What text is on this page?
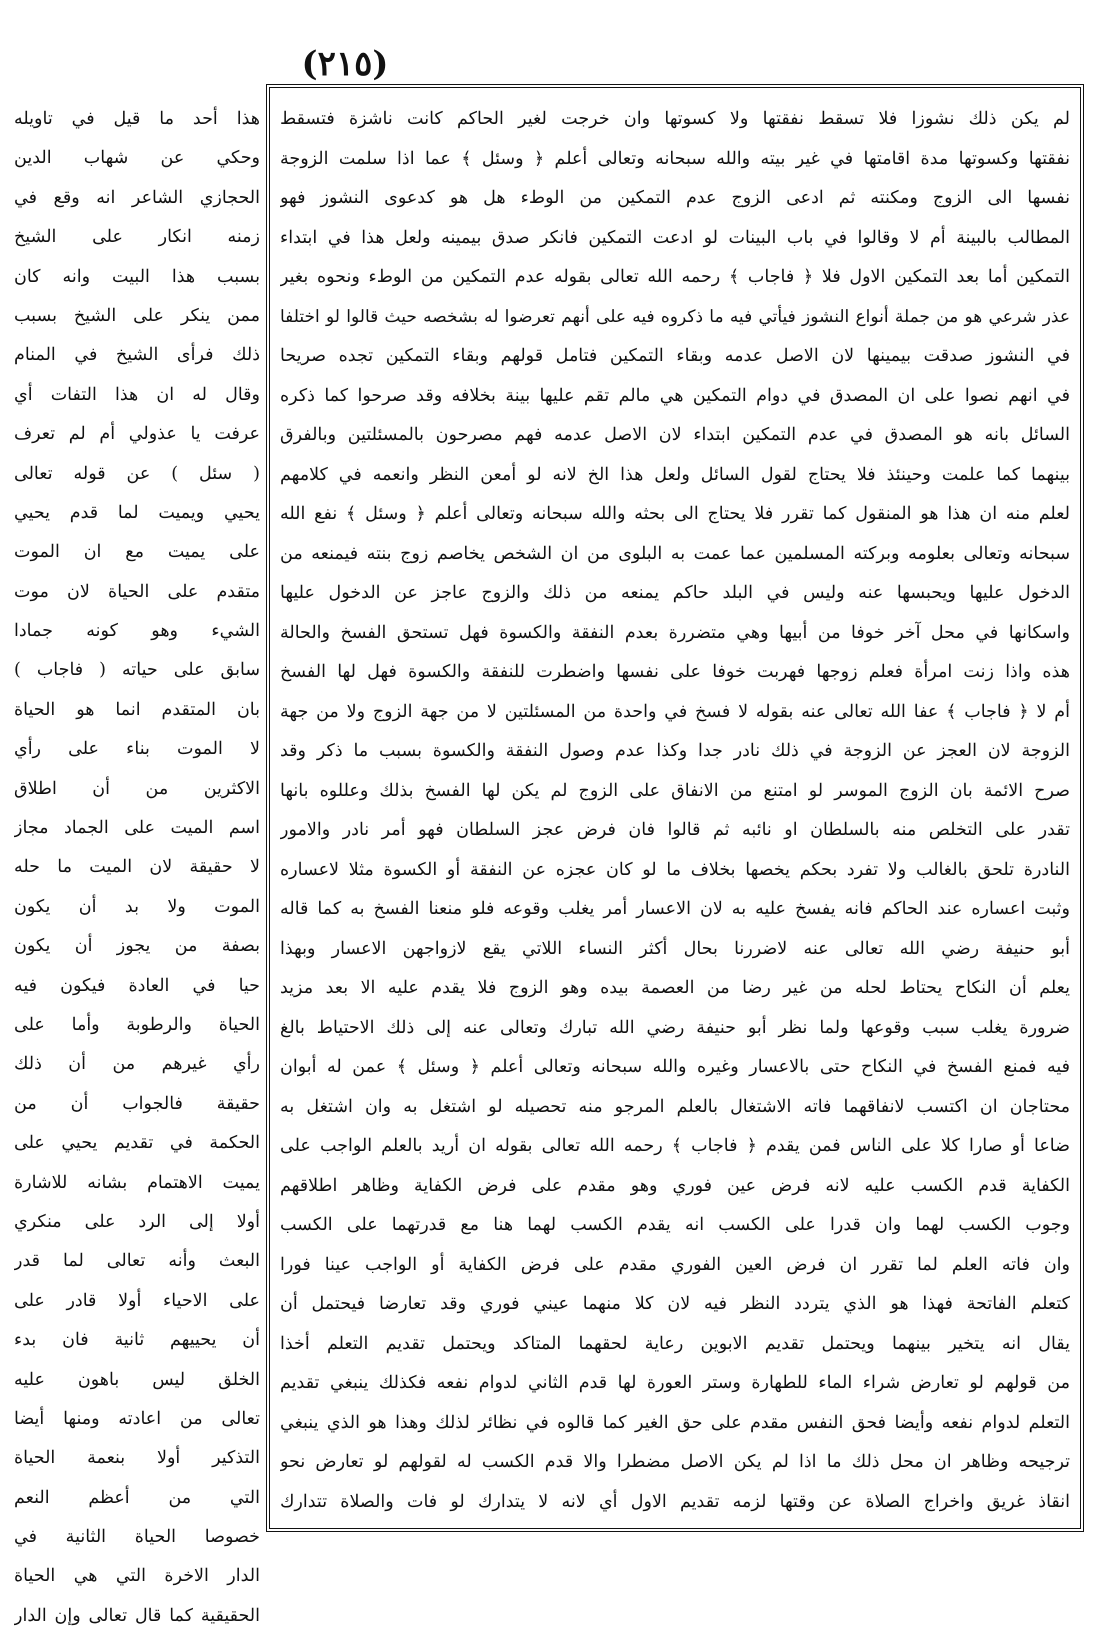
(٢١٥)
لم يكن ذلك نشوزا فلا تسقط نفقتها ولا كسوتها وان خرجت لغير الحاكم كانت ناشزة فتسقط
نفقتها وكسوتها مدة اقامتها في غير بيته والله سبحانه وتعالى أعلم ﴿ وسئل ﴾ عما اذا سلمت الزوجة
نفسها الى الزوج ومكنته ثم ادعى الزوج عدم التمكين من الوطء هل هو كدعوى النشوز فهو
المطالب بالبينة أم لا وقالوا في باب البينات لو ادعت التمكين فانكر صدق بيمينه ولعل هذا في ابتداء
التمكين أما بعد التمكين الاول فلا ﴿ فاجاب ﴾ رحمه الله تعالى بقوله عدم التمكين من الوطء ونحوه بغير
عذر شرعي هو من جملة أنواع النشوز فيأتي فيه ما ذكروه فيه على أنهم تعرضوا له بشخصه حيث قالوا لو اختلفا
في النشوز صدقت بيمينها لان الاصل عدمه وبقاء التمكين فتامل قولهم وبقاء التمكين تجده صريحا
في انهم نصوا على ان المصدق في دوام التمكين هي مالم تقم عليها بينة بخلافه وقد صرحوا كما ذكره
السائل بانه هو المصدق في عدم التمكين ابتداء لان الاصل عدمه فهم مصرحون بالمسئلتين وبالفرق
بينهما كما علمت وحينئذ فلا يحتاج لقول السائل ولعل هذا الخ لانه لو أمعن النظر وانعمه في كلامهم
لعلم منه ان هذا هو المنقول كما تقرر فلا يحتاج الى بحثه والله سبحانه وتعالى أعلم ﴿ وسئل ﴾ نفع الله
سبحانه وتعالى بعلومه وبركته المسلمين عما عمت به البلوى من ان الشخص يخاصم زوج بنته فيمنعه من
الدخول عليها ويحبسها عنه وليس في البلد حاكم يمنعه من ذلك والزوج عاجز عن الدخول عليها
واسكانها في محل آخر خوفا من أبيها وهي متضررة بعدم النفقة والكسوة فهل تستحق الفسخ والحالة
هذه واذا زنت امرأة فعلم زوجها فهربت خوفا على نفسها واضطرت للنفقة والكسوة فهل لها الفسخ
أم لا ﴿ فاجاب ﴾ عفا الله تعالى عنه بقوله لا فسخ في واحدة من المسئلتين لا من جهة الزوج ولا من جهة
الزوجة لان العجز عن الزوجة في ذلك نادر جدا وكذا عدم وصول النفقة والكسوة بسبب ما ذكر وقد
صرح الائمة بان الزوج الموسر لو امتنع من الانفاق على الزوج لم يكن لها الفسخ بذلك وعللوه بانها
تقدر على التخلص منه بالسلطان او نائبه ثم قالوا فان فرض عجز السلطان فهو أمر نادر والامور
النادرة تلحق بالغالب ولا تفرد بحكم يخصها بخلاف ما لو كان عجزه عن النفقة أو الكسوة مثلا لاعساره
وثبت اعساره عند الحاكم فانه يفسخ عليه به لان الاعسار أمر يغلب وقوعه فلو منعنا الفسخ به كما قاله
أبو حنيفة رضي الله تعالى عنه لاضررنا بحال أكثر النساء اللاتي يقع لازواجهن الاعسار وبهذا
يعلم أن النكاح يحتاط لحله من غير رضا من العصمة بيده وهو الزوج فلا يقدم عليه الا بعد مزيد
ضرورة يغلب سبب وقوعها ولما نظر أبو حنيفة رضي الله تبارك وتعالى عنه إلى ذلك الاحتياط بالغ
فيه فمنع الفسخ في النكاح حتى بالاعسار وغيره والله سبحانه وتعالى أعلم ﴿ وسئل ﴾ عمن له أبوان
محتاجان ان اكتسب لانفاقهما فاته الاشتغال بالعلم المرجو منه تحصيله لو اشتغل به وان اشتغل به
ضاعا أو صارا كلا على الناس فمن يقدم ﴿ فاجاب ﴾ رحمه الله تعالى بقوله ان أريد بالعلم الواجب على
الكفاية قدم الكسب عليه لانه فرض عين فوري وهو مقدم على فرض الكفاية وظاهر اطلاقهم
وجوب الكسب لهما وان قدرا على الكسب انه يقدم الكسب لهما هنا مع قدرتهما على الكسب
وان فاته العلم لما تقرر ان فرض العين الفوري مقدم على فرض الكفاية أو الواجب عينا فورا
كتعلم الفاتحة فهذا هو الذي يتردد النظر فيه لان كلا منهما عيني فوري وقد تعارضا فيحتمل أن
يقال انه يتخير بينهما ويحتمل تقديم الابوين رعاية لحقهما المتاكد ويحتمل تقديم التعلم أخذا
من قولهم لو تعارض شراء الماء للطهارة وستر العورة لها قدم الثاني لدوام نفعه فكذلك ينبغي تقديم
التعلم لدوام نفعه وأيضا فحق النفس مقدم على حق الغير كما قالوه في نظائر لذلك وهذا هو الذي ينبغي
ترجيحه وظاهر ان محل ذلك ما اذا لم يكن الاصل مضطرا والا قدم الكسب له لقولهم لو تعارض نحو
انقاذ غريق واخراج الصلاة عن وقتها لزمه تقديم الاول أي لانه لا يتدارك لو فات والصلاة تتدارك
هذا أحد ما قيل في تاويله
وحكي عن شهاب الدين
الحجازي الشاعر انه وقع في
زمنه انكار على الشيخ
بسبب هذا البيت وانه كان
ممن ينكر على الشيخ بسبب
ذلك فرأى الشيخ في المنام
وقال له ان هذا التفات أي
عرفت يا عذولي أم لم تعرف
( سئل ) عن قوله تعالى
يحيي ويميت لما قدم يحيي
على يميت مع ان الموت
متقدم على الحياة لان موت
الشيء وهو كونه جمادا
سابق على حياته ( فاجاب )
بان المتقدم انما هو الحياة
لا الموت بناء على رأي
الاكثرين من أن اطلاق
اسم الميت على الجماد مجاز
لا حقيقة لان الميت ما حله
الموت ولا بد أن يكون
بصفة من يجوز أن يكون
حيا في العادة فيكون فيه
الحياة والرطوبة وأما على
رأي غيرهم من أن ذلك
حقيقة فالجواب أن من
الحكمة في تقديم يحيي على
يميت الاهتمام بشانه للاشارة
أولا إلى الرد على منكري
البعث وأنه تعالى لما قدر
على الاحياء أولا قادر على
أن يحييهم ثانية فان بدء
الخلق ليس باهون عليه
تعالى من اعادته ومنها أيضا
التذكير أولا بنعمة الحياة
التي من أعظم النعم
خصوصا الحياة الثانية في
الدار الاخرة التي هي الحياة
الحقيقية كما قال تعالى وإن الدار
